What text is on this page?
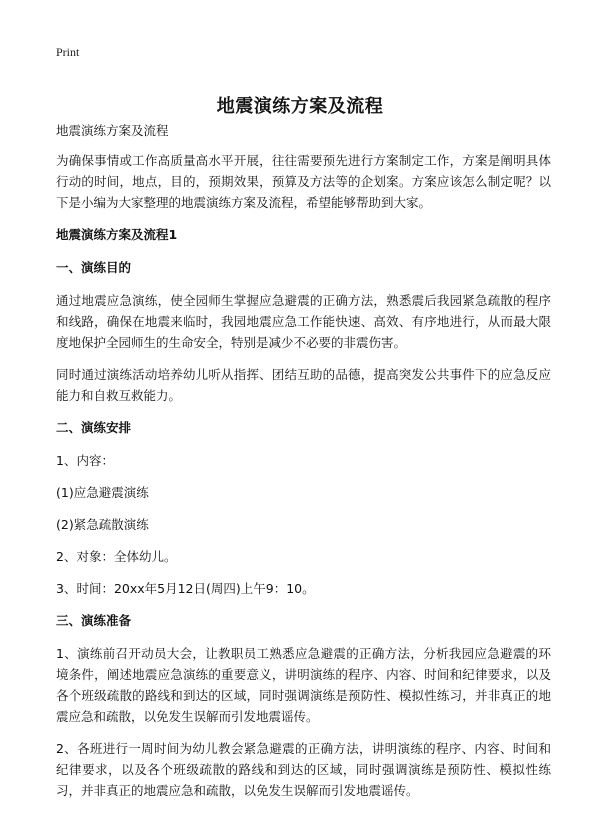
Print
地震演练方案及流程

地震演练方案及流程

为确保事情或工作高质量高水平开展，往往需要预先进行方案制定工作，方案是阐明具体行动的时间，地点，目的，预期效果，预算及方法等的企划案。方案应该怎么制定呢？以下是小编为大家整理的地震演练方案及流程，希望能够帮助到大家。

地震演练方案及流程1
一、演练目的

通过地震应急演练，使全园师生掌握应急避震的正确方法，熟悉震后我园紧急疏散的程序和线路，确保在地震来临时，我园地震应急工作能快速、高效、有序地进行，从而最大限度地保护全园师生的生命安全，特别是减少不必要的非震伤害。

同时通过演练活动培养幼儿听从指挥、团结互助的品德，提高突发公共事件下的应急反应能力和自救互救能力。

二、演练安排

1、内容：

(1)应急避震演练

(2)紧急疏散演练

2、对象：全体幼儿。

3、时间：20xx年5月12日(周四)上午9：10。

三、演练准备

1、演练前召开动员大会，让教职员工熟悉应急避震的正确方法，分析我园应急避震的环境条件，阐述地震应急演练的重要意义，讲明演练的程序、内容、时间和纪律要求，以及各个班级疏散的路线和到达的区域，同时强调演练是预防性、模拟性练习，并非真正的地震应急和疏散，以免发生误解而引发地震谣传。

2、各班进行一周时间为幼儿教会紧急避震的正确方法，讲明演练的程序、内容、时间和纪律要求，以及各个班级疏散的路线和到达的区域，同时强调演练是预防性、模拟性练习，并非真正的地震应急和疏散，以免发生误解而引发地震谣传。
